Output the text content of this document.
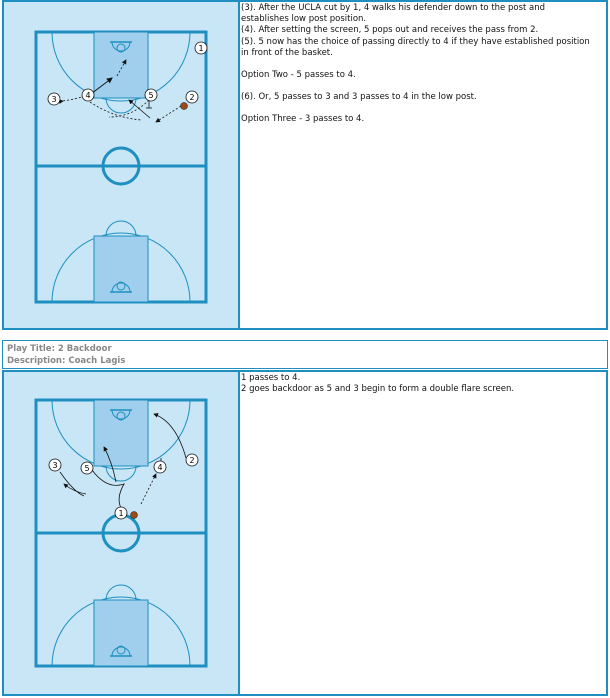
1
2
3	4	5

(3). After the UCLA cut by 1, 4 walks his defender down to the post and establishes low post position.

(4). After setting the screen, 5 pops out and receives the pass from 2.

(5). 5 now has the choice of passing directly to 4 if they have established position in front of the basket.

Option Two - 5 passes to 4.

(6). Or, 5 passes to 3 and 3 passes to 4 in the low post.

Option Three - 3 passes to 4.

Play Title: 2 Backdoor
Description: Coach Lagis
1
2
3	4
5

1 passes to 4.

2 goes backdoor as 5 and 3 begin to form a double flare screen.
